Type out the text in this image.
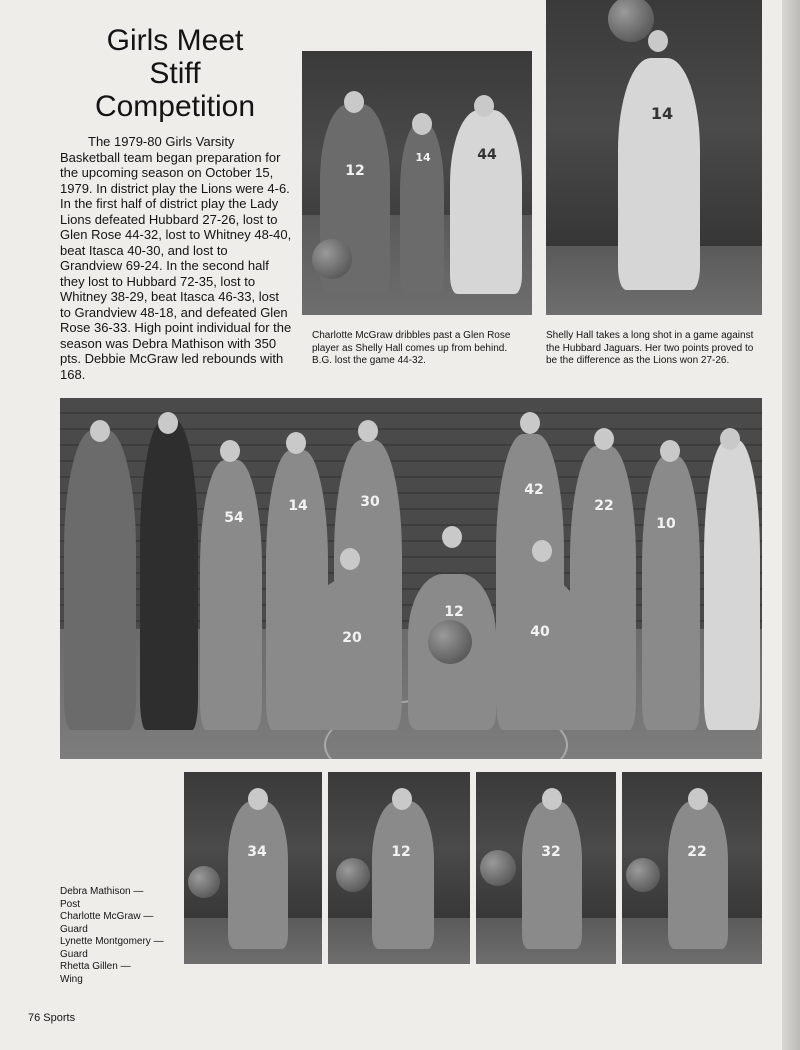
Girls Meet
Stiff
Competition

The 1979-80 Girls Varsity Basketball team began preparation for the upcoming season on October 15, 1979. In district play the Lions were 4-6. In the first half of district play the Lady Lions defeated Hubbard 27-26, lost to Glen Rose 44-32, lost to Whitney 48-40, beat Itasca 40-30, and lost to Grandview 69-24. In the second half they lost to Hubbard 72-35, lost to Whitney 38-29, beat Itasca 46-33, lost to Grandview 48-18, and defeated Glen Rose 36-33. High point individual for the season was Debra Mathison with 350 pts. Debbie McGraw led rebounds with 168.

12
14	44
14

Charlotte McGraw dribbles past a Glen Rose player as Shelly Hall comes up from behind. B.G. lost the game 44-32.

Shelly Hall takes a long shot in a game against the Hubbard Jaguars. Her two points proved to be the difference as the Lions won 27-26.

54
14	30
42
22
10
20
12
40
34	12	32	22
Debra Mathison —
Post
Charlotte McGraw —
Guard
Lynette Montgomery —
Guard
Rhetta Gillen —
Wing
76 Sports
